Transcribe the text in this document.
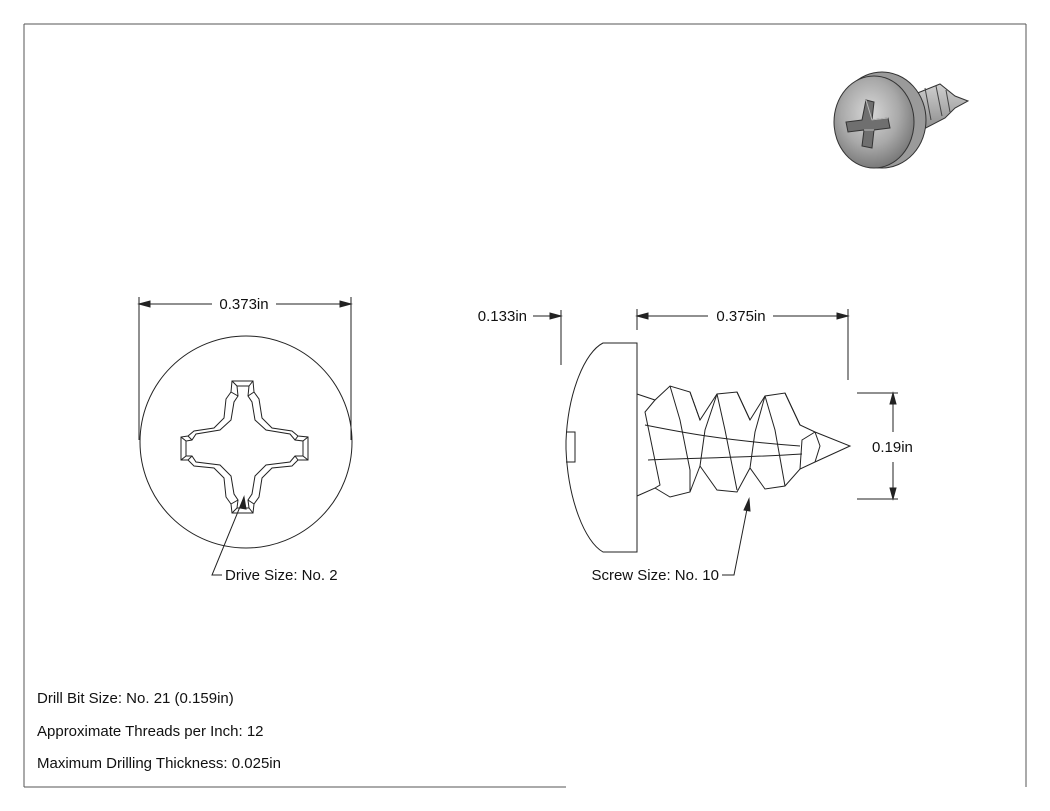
0.373in
Drive Size: No. 2
0.133in	0.375in
0.19in
Screw Size: No. 10
Drill Bit Size: No. 21 (0.159in)
Approximate Threads per Inch: 12
Maximum Drilling Thickness: 0.025in
